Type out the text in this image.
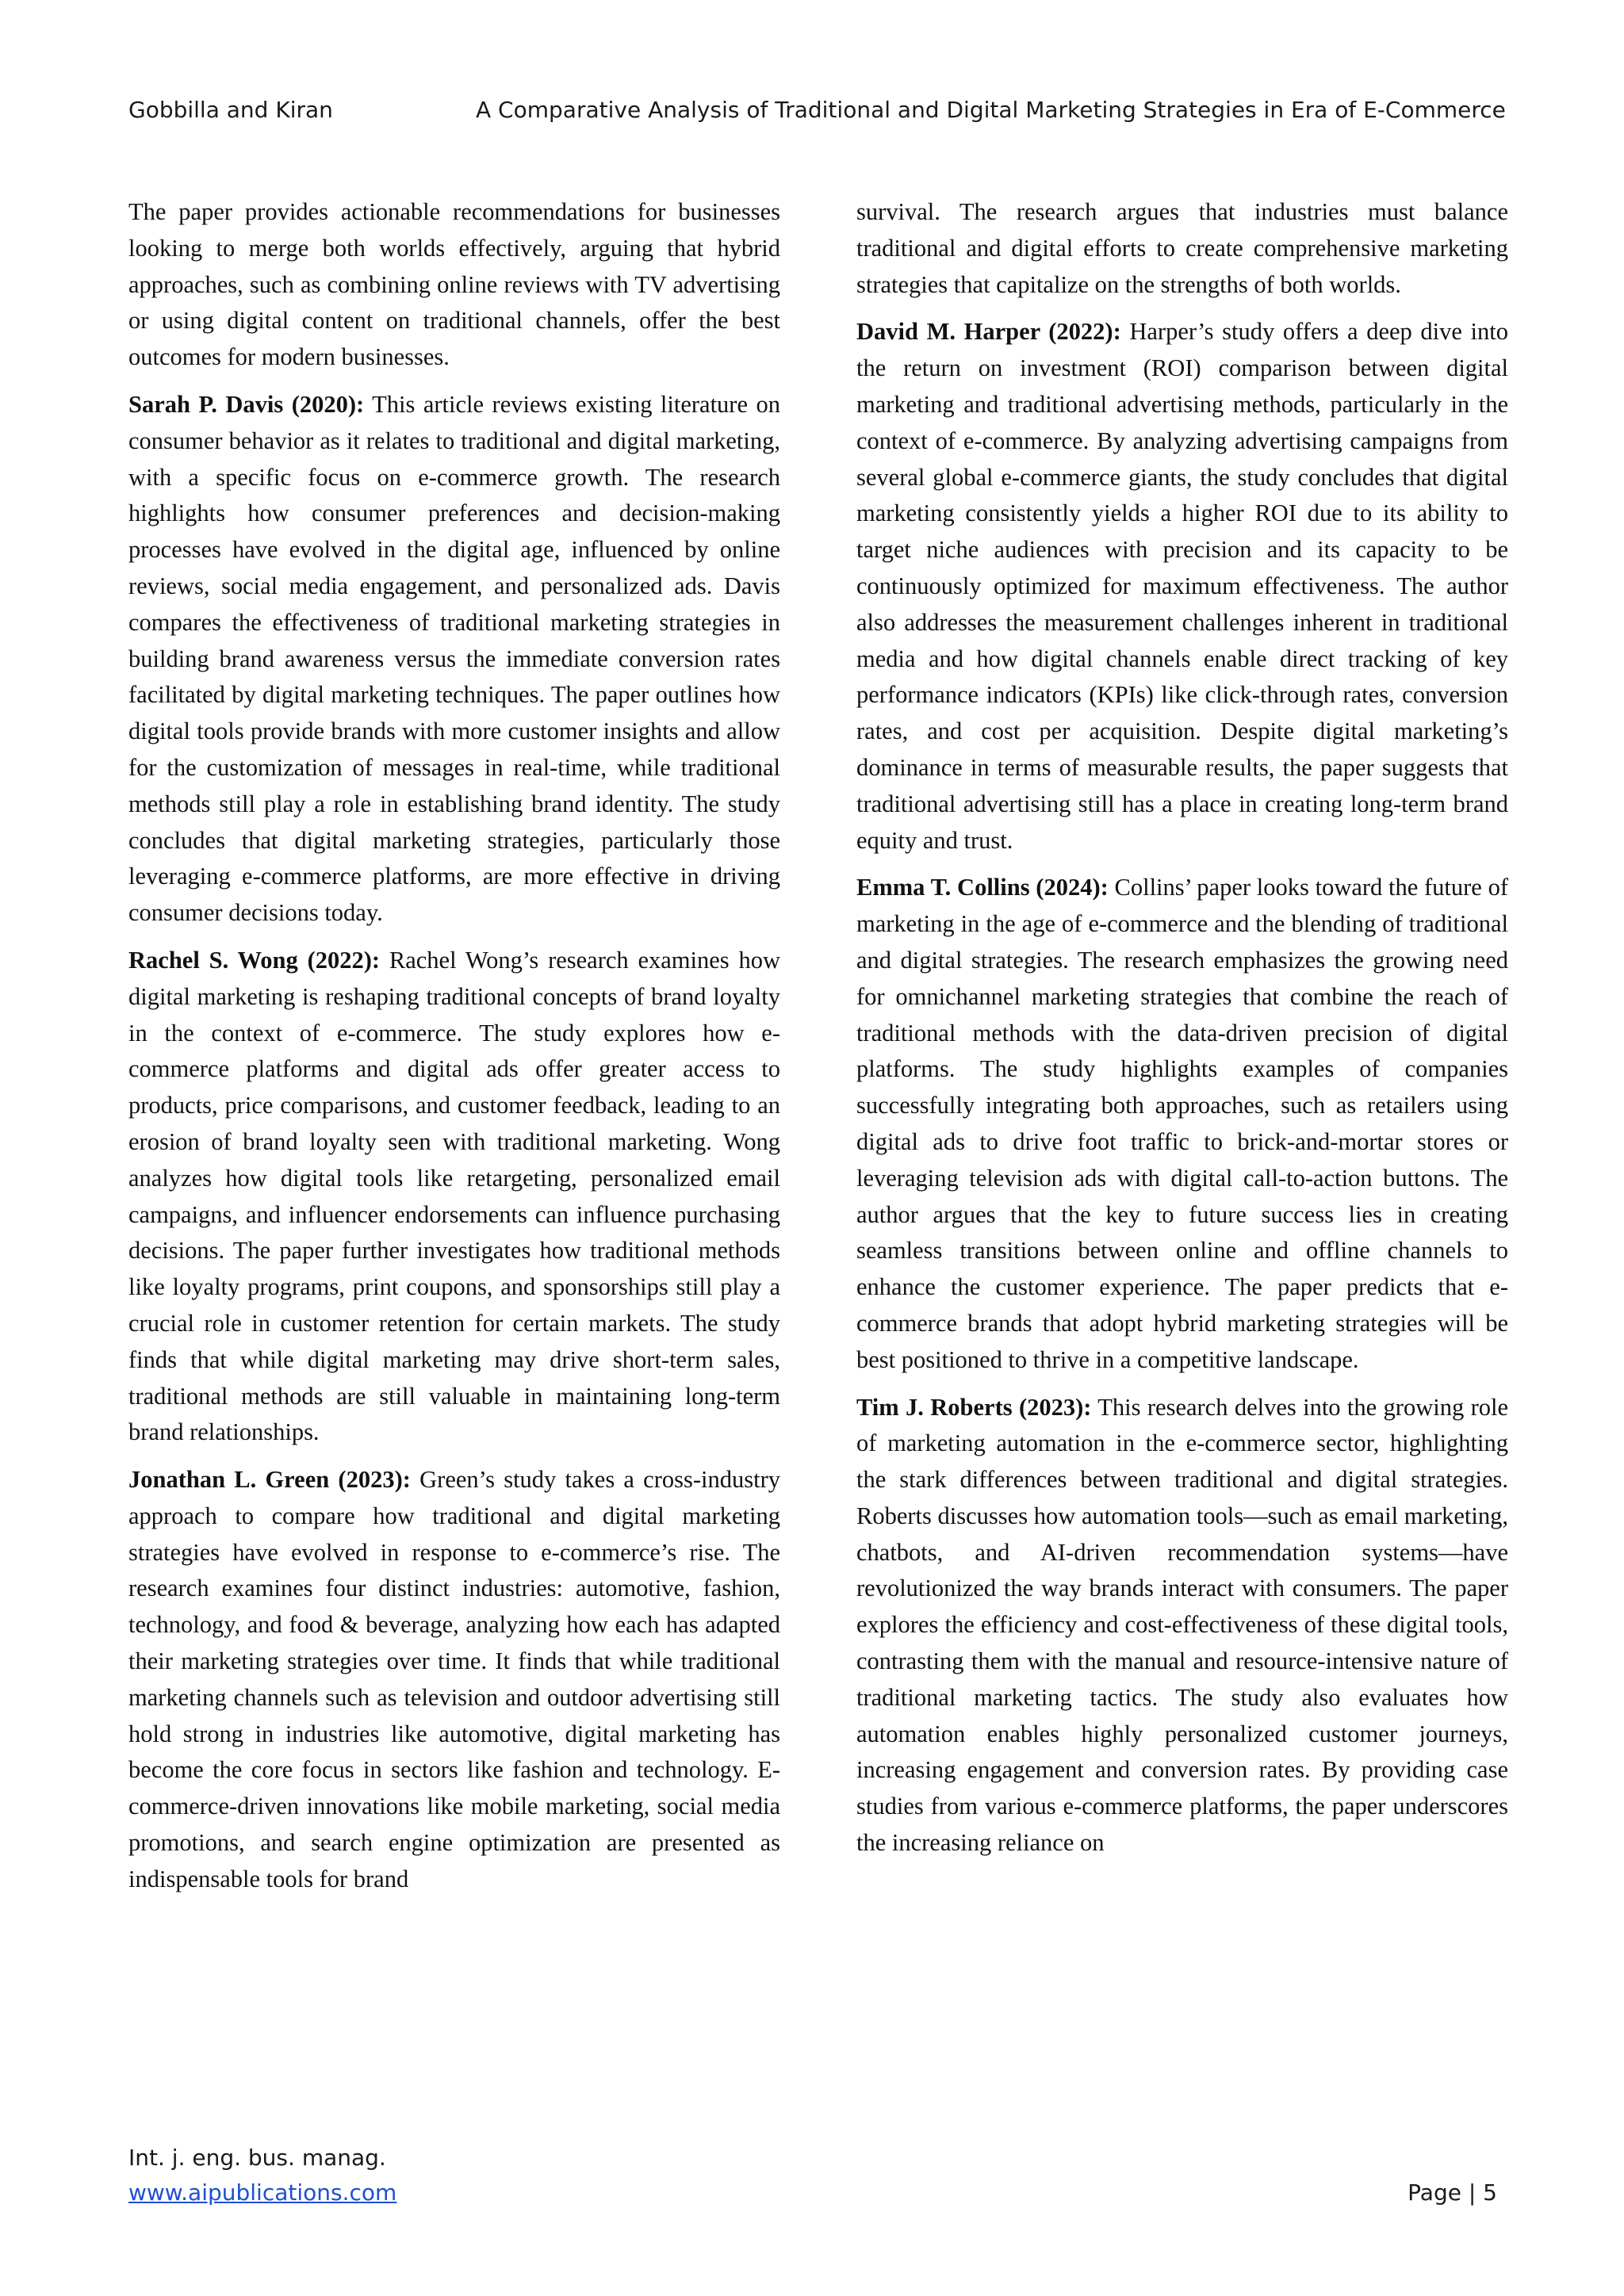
Gobbilla and Kiran	A Comparative Analysis of Traditional and Digital Marketing Strategies in Era of E-Commerce

The paper provides actionable recommendations for businesses looking to merge both worlds effectively, arguing that hybrid approaches, such as combining online reviews with TV advertising or using digital content on traditional channels, offer the best outcomes for modern businesses.

Sarah P. Davis (2020): This article reviews existing literature on consumer behavior as it relates to traditional and digital marketing, with a specific focus on e-commerce growth. The research highlights how consumer preferences and decision-making processes have evolved in the digital age, influenced by online reviews, social media engagement, and personalized ads. Davis compares the effectiveness of traditional marketing strategies in building brand awareness versus the immediate conversion rates facilitated by digital marketing techniques. The paper outlines how digital tools provide brands with more customer insights and allow for the customization of messages in real-time, while traditional methods still play a role in establishing brand identity. The study concludes that digital marketing strategies, particularly those leveraging e-commerce platforms, are more effective in driving consumer decisions today.

Rachel S. Wong (2022): Rachel Wong’s research examines how digital marketing is reshaping traditional concepts of brand loyalty in the context of e-commerce. The study explores how e-commerce platforms and digital ads offer greater access to products, price comparisons, and customer feedback, leading to an erosion of brand loyalty seen with traditional marketing. Wong analyzes how digital tools like retargeting, personalized email campaigns, and influencer endorsements can influence purchasing decisions. The paper further investigates how traditional methods like loyalty programs, print coupons, and sponsorships still play a crucial role in customer retention for certain markets. The study finds that while digital marketing may drive short-term sales, traditional methods are still valuable in maintaining long-term brand relationships.

Jonathan L. Green (2023): Green’s study takes a cross-industry approach to compare how traditional and digital marketing strategies have evolved in response to e-commerce’s rise. The research examines four distinct industries: automotive, fashion, technology, and food & beverage, analyzing how each has adapted their marketing strategies over time. It finds that while traditional marketing channels such as television and outdoor advertising still hold strong in industries like automotive, digital marketing has become the core focus in sectors like fashion and technology. E-commerce-driven innovations like mobile marketing, social media promotions, and search engine optimization are presented as indispensable tools for brand

survival. The research argues that industries must balance traditional and digital efforts to create comprehensive marketing strategies that capitalize on the strengths of both worlds.

David M. Harper (2022): Harper’s study offers a deep dive into the return on investment (ROI) comparison between digital marketing and traditional advertising methods, particularly in the context of e-commerce. By analyzing advertising campaigns from several global e-commerce giants, the study concludes that digital marketing consistently yields a higher ROI due to its ability to target niche audiences with precision and its capacity to be continuously optimized for maximum effectiveness. The author also addresses the measurement challenges inherent in traditional media and how digital channels enable direct tracking of key performance indicators (KPIs) like click-through rates, conversion rates, and cost per acquisition. Despite digital marketing’s dominance in terms of measurable results, the paper suggests that traditional advertising still has a place in creating long-term brand equity and trust.

Emma T. Collins (2024): Collins’ paper looks toward the future of marketing in the age of e-commerce and the blending of traditional and digital strategies. The research emphasizes the growing need for omnichannel marketing strategies that combine the reach of traditional methods with the data-driven precision of digital platforms. The study highlights examples of companies successfully integrating both approaches, such as retailers using digital ads to drive foot traffic to brick-and-mortar stores or leveraging television ads with digital call-to-action buttons. The author argues that the key to future success lies in creating seamless transitions between online and offline channels to enhance the customer experience. The paper predicts that e-commerce brands that adopt hybrid marketing strategies will be best positioned to thrive in a competitive landscape.

Tim J. Roberts (2023): This research delves into the growing role of marketing automation in the e-commerce sector, highlighting the stark differences between traditional and digital strategies. Roberts discusses how automation tools—such as email marketing, chatbots, and AI-driven recommendation systems—have revolutionized the way brands interact with consumers. The paper explores the efficiency and cost-effectiveness of these digital tools, contrasting them with the manual and resource-intensive nature of traditional marketing tactics. The study also evaluates how automation enables highly personalized customer journeys, increasing engagement and conversion rates. By providing case studies from various e-commerce platforms, the paper underscores the increasing reliance on

Int. j. eng. bus. manag.
www.aipublications.com	Page | 5
